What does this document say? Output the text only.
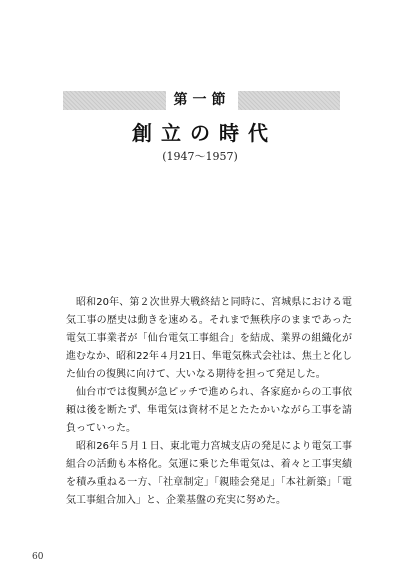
第一節
創立の時代
(1947〜1957)

昭和20年、第２次世界大戦終結と同時に、宮城県における電気工事の歴史は動きを速める。それまで無秩序のままであった電気工事業者が「仙台電気工事組合」を結成、業界の組織化が進むなか、昭和22年４月21日、隼電気株式会社は、焦土と化した仙台の復興に向けて、大いなる期待を担って発足した。

仙台市では復興が急ピッチで進められ、各家庭からの工事依頼は後を断たず、隼電気は資材不足とたたかいながら工事を請負っていった。

昭和26年５月１日、東北電力宮城支店の発足により電気工事組合の活動も本格化。気運に乗じた隼電気は、着々と工事実績を積み重ねる一方、「社章制定」「親睦会発足」「本社新築」「電気工事組合加入」と、企業基盤の充実に努めた。

60
